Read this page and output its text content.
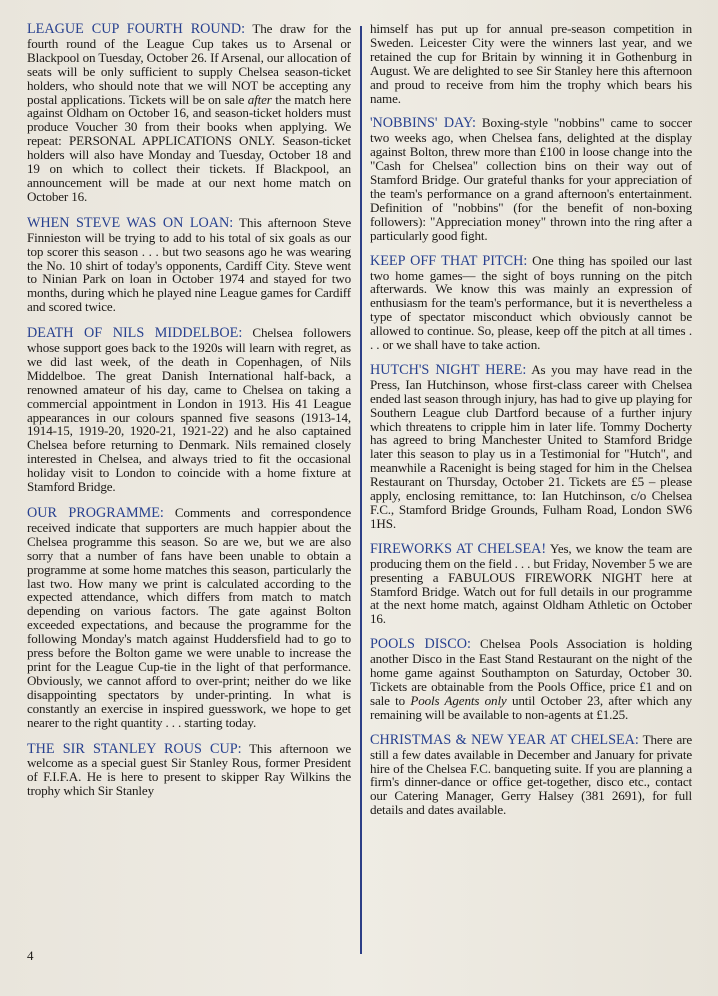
LEAGUE CUP FOURTH ROUND: The draw for the fourth round of the League Cup takes us to Arsenal or Blackpool on Tuesday, October 26. If Arsenal, our allocation of seats will be only sufficient to supply Chelsea season-ticket holders, who should note that we will NOT be accepting any postal applications. Tickets will be on sale after the match here against Oldham on October 16, and season-ticket holders must produce Voucher 30 from their books when applying. We repeat: PERSONAL APPLICATIONS ONLY. Season-ticket holders will also have Monday and Tuesday, October 18 and 19 on which to collect their tickets. If Blackpool, an announcement will be made at our next home match on October 16.

WHEN STEVE WAS ON LOAN: This afternoon Steve Finnieston will be trying to add to his total of six goals as our top scorer this season . . . but two seasons ago he was wearing the No. 10 shirt of today's opponents, Cardiff City. Steve went to Ninian Park on loan in October 1974 and stayed for two months, during which he played nine League games for Cardiff and scored twice.

DEATH OF NILS MIDDELBOE: Chelsea followers whose support goes back to the 1920s will learn with regret, as we did last week, of the death in Copenhagen, of Nils Middelboe. The great Danish International half-back, a renowned amateur of his day, came to Chelsea on taking a commercial appointment in London in 1913. His 41 League appearances in our colours spanned five seasons (1913-14, 1914-15, 1919-20, 1920-21, 1921-22) and he also captained Chelsea before returning to Denmark. Nils remained closely interested in Chelsea, and always tried to fit the occasional holiday visit to London to coincide with a home fixture at Stamford Bridge.

OUR PROGRAMME: Comments and correspondence received indicate that supporters are much happier about the Chelsea programme this season. So are we, but we are also sorry that a number of fans have been unable to obtain a programme at some home matches this season, particularly the last two. How many we print is calculated according to the expected attendance, which differs from match to match depending on various factors. The gate against Bolton exceeded expectations, and because the programme for the following Monday's match against Huddersfield had to go to press before the Bolton game we were unable to increase the print for the League Cup-tie in the light of that performance. Obviously, we cannot afford to over-print; neither do we like disappointing spectators by under-printing. In what is constantly an exercise in inspired guesswork, we hope to get nearer to the right quantity . . . starting today.

THE SIR STANLEY ROUS CUP: This afternoon we welcome as a special guest Sir Stanley Rous, former President of F.I.F.A. He is here to present to skipper Ray Wilkins the trophy which Sir Stanley

himself has put up for annual pre-season competition in Sweden. Leicester City were the winners last year, and we retained the cup for Britain by winning it in Gothenburg in August. We are delighted to see Sir Stanley here this afternoon and proud to receive from him the trophy which bears his name.

'NOBBINS' DAY: Boxing-style "nobbins" came to soccer two weeks ago, when Chelsea fans, delighted at the display against Bolton, threw more than £100 in loose change into the "Cash for Chelsea" collection bins on their way out of Stamford Bridge. Our grateful thanks for your appreciation of the team's performance on a grand afternoon's entertainment. Definition of "nobbins" (for the benefit of non-boxing followers): "Appreciation money" thrown into the ring after a particularly good fight.

KEEP OFF THAT PITCH: One thing has spoiled our last two home games— the sight of boys running on the pitch afterwards. We know this was mainly an expression of enthusiasm for the team's performance, but it is nevertheless a type of spectator misconduct which obviously cannot be allowed to continue. So, please, keep off the pitch at all times . . . or we shall have to take action.

HUTCH'S NIGHT HERE: As you may have read in the Press, Ian Hutchinson, whose first-class career with Chelsea ended last season through injury, has had to give up playing for Southern League club Dartford because of a further injury which threatens to cripple him in later life. Tommy Docherty has agreed to bring Manchester United to Stamford Bridge later this season to play us in a Testimonial for "Hutch", and meanwhile a Racenight is being staged for him in the Chelsea Restaurant on Thursday, October 21. Tickets are £5 – please apply, enclosing remittance, to: Ian Hutchinson, c/o Chelsea F.C., Stamford Bridge Grounds, Fulham Road, London SW6 1HS.

FIREWORKS AT CHELSEA! Yes, we know the team are producing them on the field . . . but Friday, November 5 we are presenting a FABULOUS FIREWORK NIGHT here at Stamford Bridge. Watch out for full details in our programme at the next home match, against Oldham Athletic on October 16.

POOLS DISCO: Chelsea Pools Association is holding another Disco in the East Stand Restaurant on the night of the home game against Southampton on Saturday, October 30. Tickets are obtainable from the Pools Office, price £1 and on sale to Pools Agents only until October 23, after which any remaining will be available to non-agents at £1.25.

CHRISTMAS & NEW YEAR AT CHELSEA: There are still a few dates available in December and January for private hire of the Chelsea F.C. banqueting suite. If you are planning a firm's dinner-dance or office get-together, disco etc., contact our Catering Manager, Gerry Halsey (381 2691), for full details and dates available.

4
